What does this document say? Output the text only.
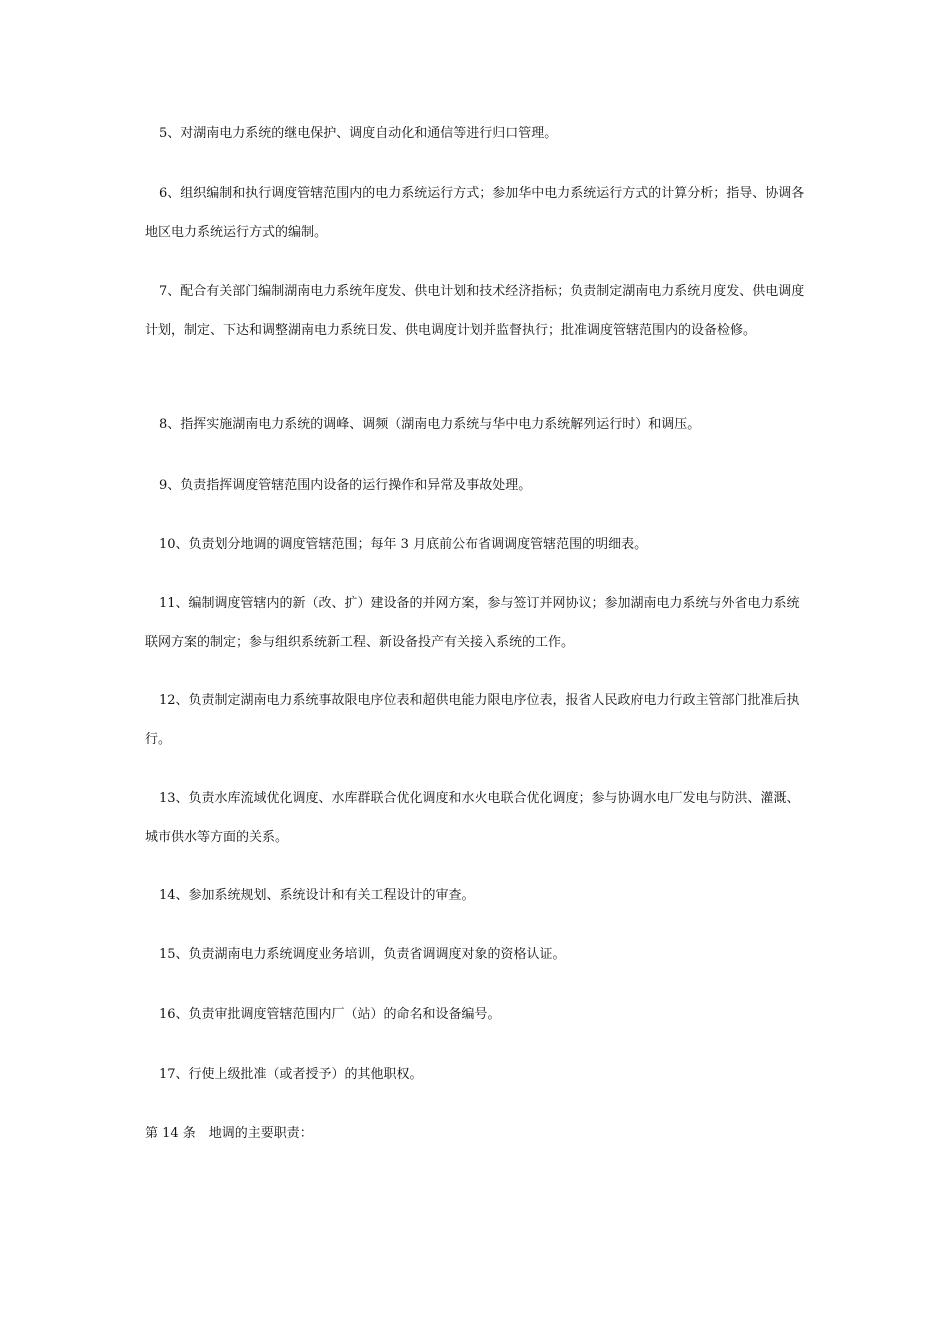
5、对湖南电力系统的继电保护、调度自动化和通信等进行归口管理。

6、组织编制和执行调度管辖范围内的电力系统运行方式；参加华中电力系统运行方式的计算分析；指导、协调各地区电力系统运行方式的编制。

7、配合有关部门编制湖南电力系统年度发、供电计划和技术经济指标；负责制定湖南电力系统月度发、供电调度计划，制定、下达和调整湖南电力系统日发、供电调度计划并监督执行；批准调度管辖范围内的设备检修。

8、指挥实施湖南电力系统的调峰、调频（湖南电力系统与华中电力系统解列运行时）和调压。

9、负责指挥调度管辖范围内设备的运行操作和异常及事故处理。

10、负责划分地调的调度管辖范围；每年 3 月底前公布省调调度管辖范围的明细表。

11、编制调度管辖内的新（改、扩）建设备的并网方案，参与签订并网协议；参加湖南电力系统与外省电力系统联网方案的制定；参与组织系统新工程、新设备投产有关接入系统的工作。

12、负责制定湖南电力系统事故限电序位表和超供电能力限电序位表，报省人民政府电力行政主管部门批准后执行。

13、负责水库流域优化调度、水库群联合优化调度和水火电联合优化调度；参与协调水电厂发电与防洪、灌溉、城市供水等方面的关系。

14、参加系统规划、系统设计和有关工程设计的审查。

15、负责湖南电力系统调度业务培训，负责省调调度对象的资格认证。

16、负责审批调度管辖范围内厂（站）的命名和设备编号。

17、行使上级批准（或者授予）的其他职权。

第 14 条　地调的主要职责：
